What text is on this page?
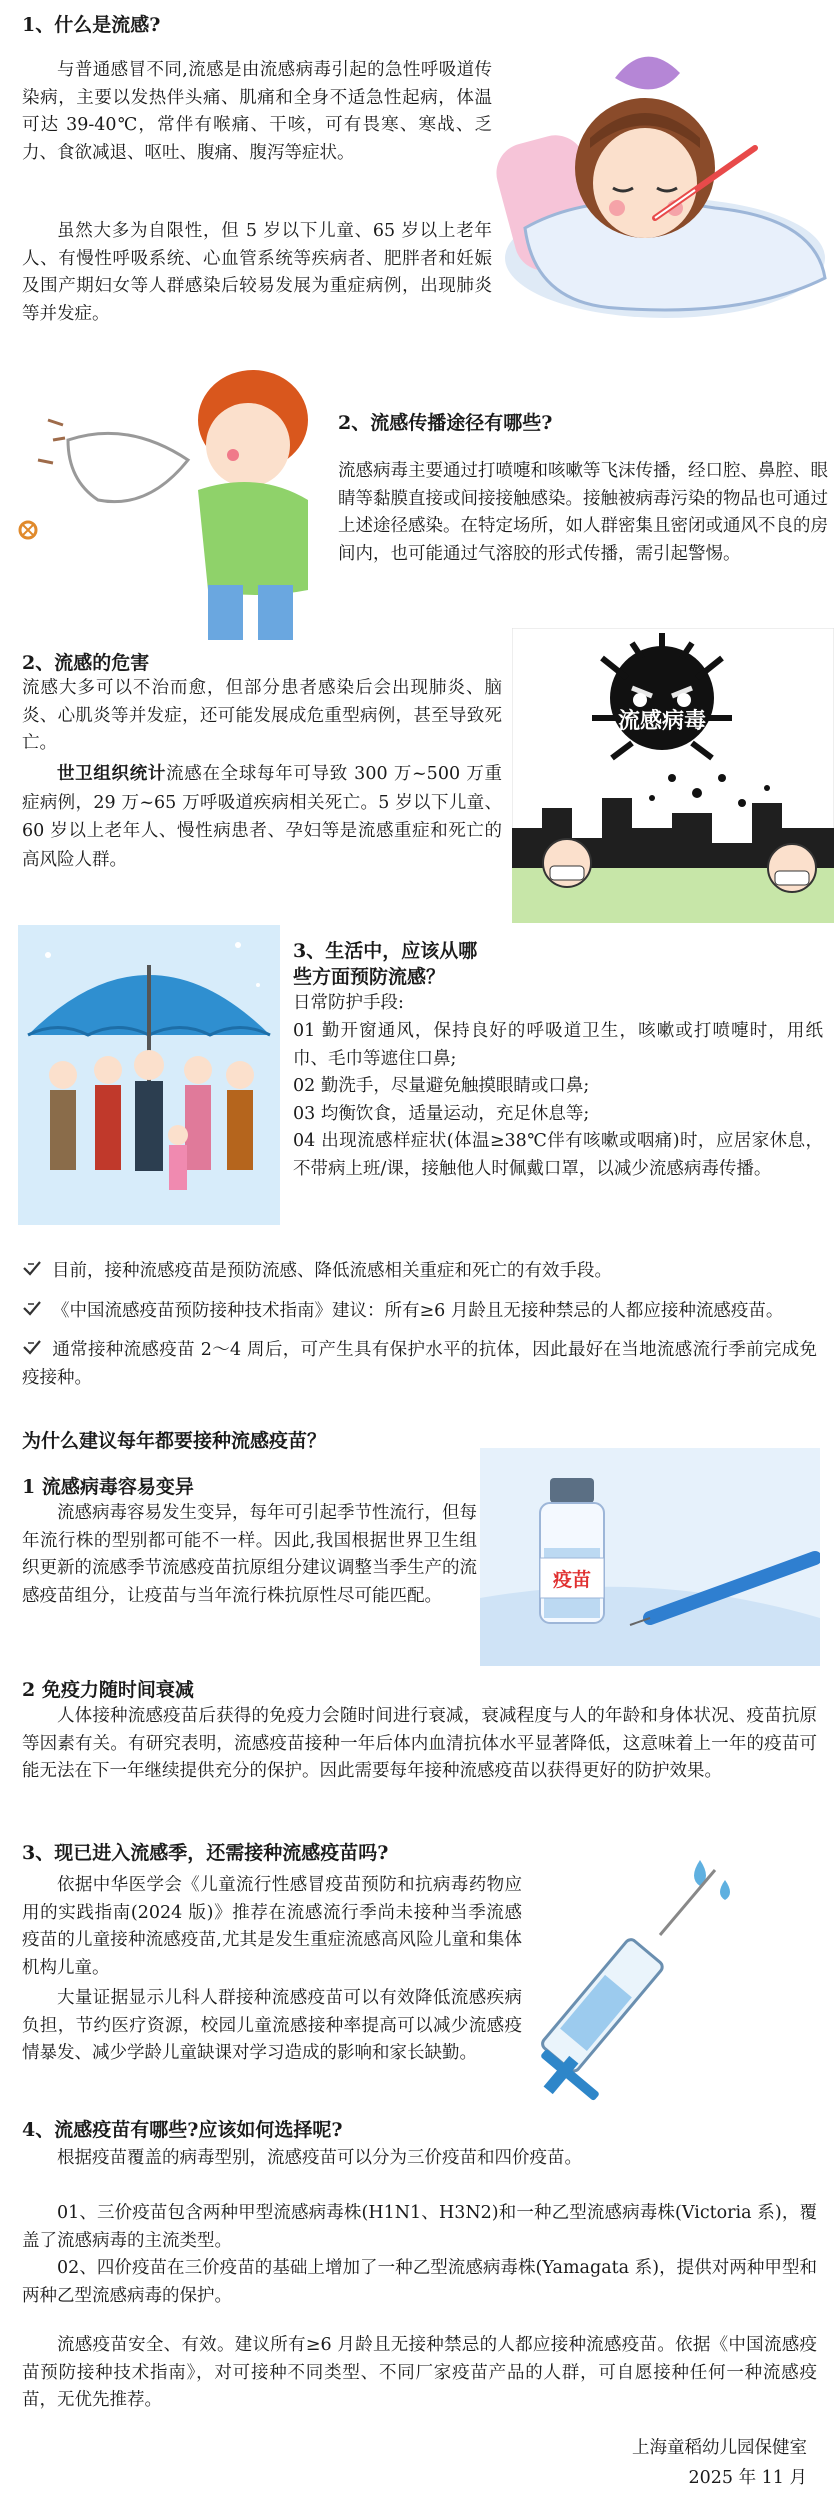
1、什么是流感?

与普通感冒不同,流感是由流感病毒引起的急性呼吸道传染病，主要以发热伴头痛、肌痛和全身不适急性起病，体温可达 39-40℃，常伴有喉痛、干咳，可有畏寒、寒战、乏力、食欲减退、呕吐、腹痛、腹泻等症状。

虽然大多为自限性，但 5 岁以下儿童、65 岁以上老年人、有慢性呼吸系统、心血管系统等疾病者、肥胖者和妊娠及围产期妇女等人群感染后较易发展为重症病例，出现肺炎等并发症。

2、流感传播途径有哪些?

流感病毒主要通过打喷嚏和咳嗽等飞沫传播，经口腔、鼻腔、眼睛等黏膜直接或间接接触感染。接触被病毒污染的物品也可通过上述途径感染。在特定场所，如人群密集且密闭或通风不良的房间内，也可能通过气溶胶的形式传播，需引起警惕。

2、流感的危害

流感大多可以不治而愈，但部分患者感染后会出现肺炎、脑炎、心肌炎等并发症，还可能发展成危重型病例，甚至导致死亡。

世卫组织统计流感在全球每年可导致 300 万~500 万重症病例，29 万~65 万呼吸道疾病相关死亡。5 岁以下儿童、60 岁以上老年人、慢性病患者、孕妇等是流感重症和死亡的高风险人群。

流感病毒
3、生活中，应该从哪
些方面预防流感？
日常防护手段:

01 勤开窗通风，保持良好的呼吸道卫生，咳嗽或打喷嚏时，用纸巾、毛巾等遮住口鼻;

02 勤洗手，尽量避免触摸眼睛或口鼻;

03 均衡饮食，适量运动，充足休息等;

04 出现流感样症状(体温≥38℃伴有咳嗽或咽痛)时，应居家休息，不带病上班/课，接触他人时佩戴口罩，以减少流感病毒传播。

目前，接种流感疫苗是预防流感、降低流感相关重症和死亡的有效手段。

《中国流感疫苗预防接种技术指南》建议：所有≥6 月龄且无接种禁忌的人都应接种流感疫苗。

通常接种流感疫苗 2～4 周后，可产生具有保护水平的抗体，因此最好在当地流感流行季前完成免疫接种。

为什么建议每年都要接种流感疫苗？
1 流感病毒容易变异

流感病毒容易发生变异，每年可引起季节性流行，但每年流行株的型别都可能不一样。因此,我国根据世界卫生组织更新的流感季节流感疫苗抗原组分建议调整当季生产的流感疫苗组分，让疫苗与当年流行株抗原性尽可能匹配。

疫苗
2 免疫力随时间衰减

人体接种流感疫苗后获得的免疫力会随时间进行衰减，衰减程度与人的年龄和身体状况、疫苗抗原等因素有关。有研究表明，流感疫苗接种一年后体内血清抗体水平显著降低，这意味着上一年的疫苗可能无法在下一年继续提供充分的保护。因此需要每年接种流感疫苗以获得更好的防护效果。

3、现已进入流感季，还需接种流感疫苗吗?

依据中华医学会《儿童流行性感冒疫苗预防和抗病毒药物应用的实践指南(2024 版)》推荐在流感流行季尚未接种当季流感疫苗的儿童接种流感疫苗,尤其是发生重症流感高风险儿童和集体机构儿童。

大量证据显示儿科人群接种流感疫苗可以有效降低流感疾病负担，节约医疗资源，校园儿童流感接种率提高可以减少流感疫情暴发、减少学龄儿童缺课对学习造成的影响和家长缺勤。

4、流感疫苗有哪些?应该如何选择呢?

根据疫苗覆盖的病毒型别，流感疫苗可以分为三价疫苗和四价疫苗。

01、三价疫苗包含两种甲型流感病毒株(H1N1、H3N2)和一种乙型流感病毒株(Victoria 系)，覆盖了流感病毒的主流类型。

02、四价疫苗在三价疫苗的基础上增加了一种乙型流感病毒株(Yamagata 系)，提供对两种甲型和两种乙型流感病毒的保护。

流感疫苗安全、有效。建议所有≥6 月龄且无接种禁忌的人都应接种流感疫苗。依据《中国流感疫苗预防接种技术指南》，对可接种不同类型、不同厂家疫苗产品的人群，可自愿接种任何一种流感疫苗，无优先推荐。

上海童稻幼儿园保健室
2025 年 11 月
